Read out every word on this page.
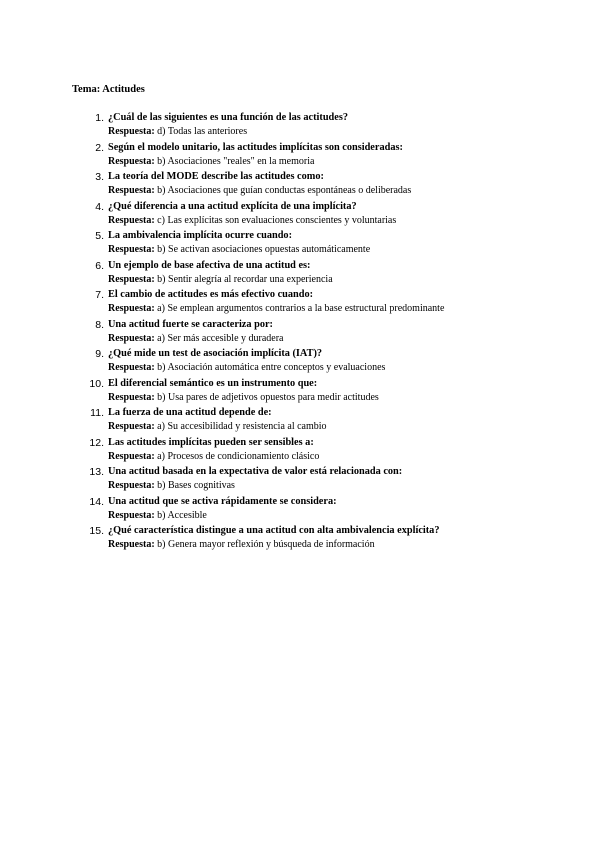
Tema: Actitudes
1. ¿Cuál de las siguientes es una función de las actitudes?
Respuesta: d) Todas las anteriores
2. Según el modelo unitario, las actitudes implícitas son consideradas:
Respuesta: b) Asociaciones "reales" en la memoria
3. La teoría del MODE describe las actitudes como:
Respuesta: b) Asociaciones que guían conductas espontáneas o deliberadas
4. ¿Qué diferencia a una actitud explícita de una implícita?
Respuesta: c) Las explícitas son evaluaciones conscientes y voluntarias
5. La ambivalencia implícita ocurre cuando:
Respuesta: b) Se activan asociaciones opuestas automáticamente
6. Un ejemplo de base afectiva de una actitud es:
Respuesta: b) Sentir alegría al recordar una experiencia
7. El cambio de actitudes es más efectivo cuando:
Respuesta: a) Se emplean argumentos contrarios a la base estructural predominante
8. Una actitud fuerte se caracteriza por:
Respuesta: a) Ser más accesible y duradera
9. ¿Qué mide un test de asociación implícita (IAT)?
Respuesta: b) Asociación automática entre conceptos y evaluaciones
10. El diferencial semántico es un instrumento que:
Respuesta: b) Usa pares de adjetivos opuestos para medir actitudes
11. La fuerza de una actitud depende de:
Respuesta: a) Su accesibilidad y resistencia al cambio
12. Las actitudes implícitas pueden ser sensibles a:
Respuesta: a) Procesos de condicionamiento clásico
13. Una actitud basada en la expectativa de valor está relacionada con:
Respuesta: b) Bases cognitivas
14. Una actitud que se activa rápidamente se considera:
Respuesta: b) Accesible
15. ¿Qué característica distingue a una actitud con alta ambivalencia explícita?
Respuesta: b) Genera mayor reflexión y búsqueda de información
